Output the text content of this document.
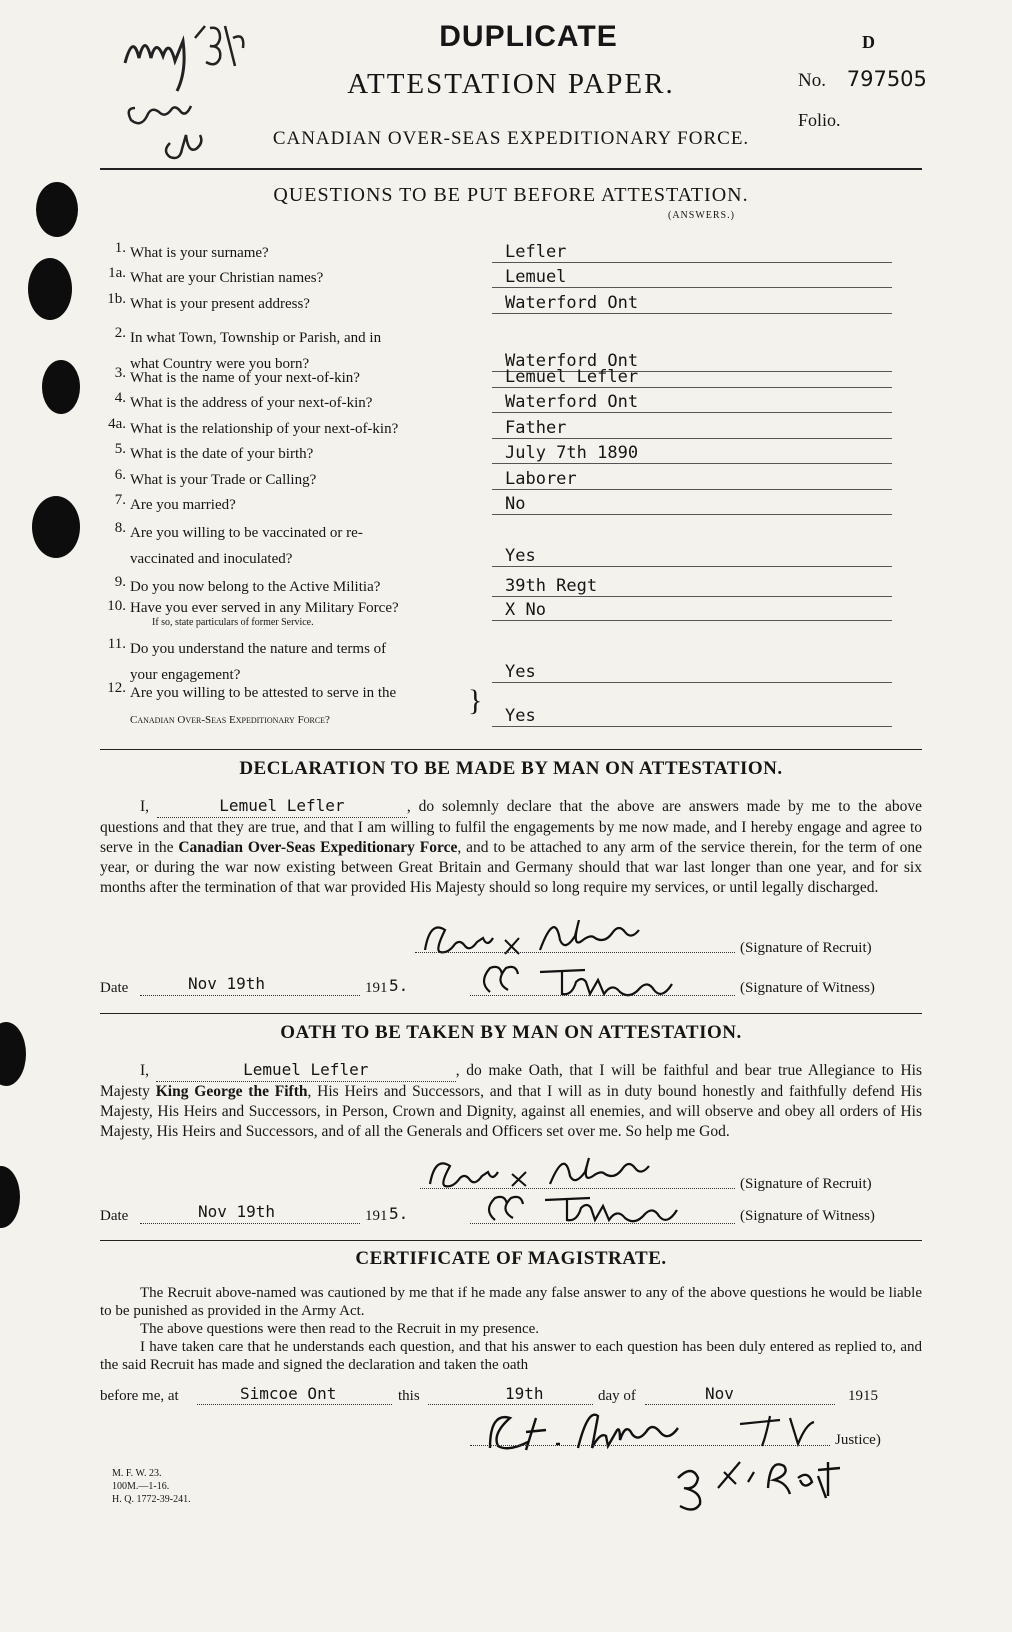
DUPLICATE
ATTESTATION PAPER.
CANADIAN OVER-SEAS EXPEDITIONARY FORCE.
D
No. 797505
Folio.
QUESTIONS TO BE PUT BEFORE ATTESTATION.
(ANSWERS.)
1. What is your surname?	Lefler
1a. What are your Christian names?	Lemuel
1b. What is your present address?	Waterford Ont
2. In what Town, Township or Parish, and in
what Country were you born?	Waterford Ont
3. What is the name of your next-of-kin?	Lemuel Lefler
4. What is the address of your next-of-kin?	Waterford Ont
4a. What is the relationship of your next-of-kin?	Father
5. What is the date of your birth?	July 7th 1890
6. What is your Trade or Calling?	Laborer
7. Are you married?	No
8. Are you willing to be vaccinated or re-
vaccinated and inoculated?	Yes
9. Do you now belong to the Active Militia?	39th Regt
10. Have you ever served in any Military Force?
If so, state particulars of former Service.
X No
11. Do you understand the nature and terms of
your engagement?	Yes
12. Are you willing to be attested to serve in the
Canadian Over-Seas Expeditionary Force?
} Yes
DECLARATION TO BE MADE BY MAN ON ATTESTATION.
I,	Lemuel Lefler	, do solemnly declare that the above are answers made by me to the above questions and that they are true, and that I am willing to fulfil the engagements by me now made, and I hereby engage and agree to serve in the Canadian Over-Seas Expeditionary Force, and to be attached to any arm of the service therein, for the term of one year, or during the war now existing between Great Britain and Germany should that war last longer than one year, and for six months after the termination of that war provided His Majesty should so long require my services, or until legally discharged.
(Signature of Recruit)
Date	Nov 19th	191 5.	(Signature of Witness)
OATH TO BE TAKEN BY MAN ON ATTESTATION.
I,	Lemuel Lefler	, do make Oath, that I will be faithful and bear true Allegiance to His Majesty King George the Fifth, His Heirs and Successors, and that I will as in duty bound honestly and faithfully defend His Majesty, His Heirs and Successors, in Person, Crown and Dignity, against all enemies, and will observe and obey all orders of His Majesty, His Heirs and Successors, and of all the Generals and Officers set over me. So help me God.
(Signature of Recruit)
Date	Nov 19th	191 5.	(Signature of Witness)
CERTIFICATE OF MAGISTRATE.
The Recruit above-named was cautioned by me that if he made any false answer to any of the above questions he would be liable to be punished as provided in the Army Act.
The above questions were then read to the Recruit in my presence.
I have taken care that he understands each question, and that his answer to each question has been duly entered as replied to, and the said Recruit has made and signed the declaration and taken the oath
before me, at	Simcoe Ont	this	19th	day of	Nov	1915
Justice)
M. F. W. 23.
100M.—1-16.
H. Q. 1772-39-241.
